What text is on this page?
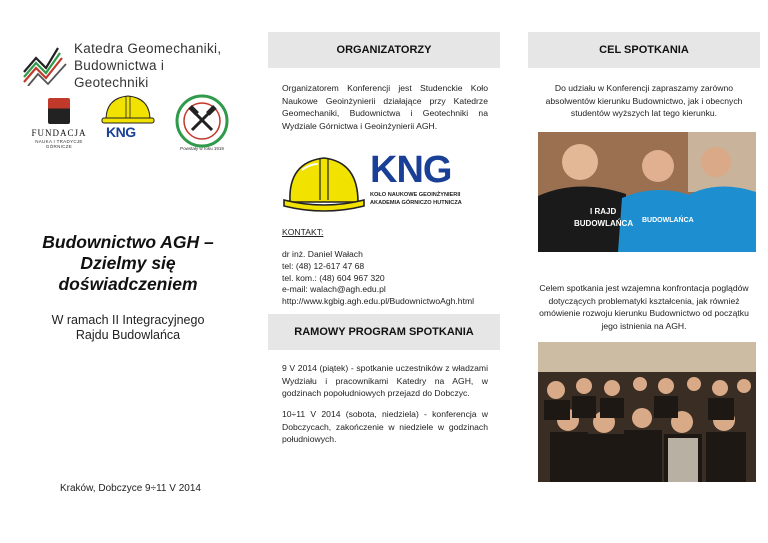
Katedra Geomechaniki,
Budownictwa i Geotechniki
FUNDACJA
NAUKA I TRADYCJE GÓRNICZE
KNG
Powstały w roku 1919
Budownictwo AGH –
Dzielmy się
doświadczeniem
W ramach II Integracyjnego
Rajdu Budowlańca
Kraków, Dobczyce 9÷11 V 2014
ORGANIZATORZY
Organizatorem Konferencji jest Studenckie Koło Naukowe Geoinżynierii działające przy Katedrze Geomechaniki, Budownictwa i Geotechniki na Wydziale Górnictwa i Geoinżynierii AGH.
KNG
KOŁO NAUKOWE GEOINŻYNIERII
AKADEMIA GÓRNICZO HUTNICZA
KONTAKT:
dr inż. Daniel Wałach
tel: (48) 12-617 47 68
tel. kom.: (48) 604 967 320
e-mail: walach@agh.edu.pl
http://www.kgbig.agh.edu.pl/BudownictwoAgh.html
RAMOWY PROGRAM SPOTKANIA
9 V 2014 (piątek) - spotkanie uczestników z władzami Wydziału i pracownikami Katedry na AGH, w godzinach popołudniowych przejazd do Dobczyc.
10÷11 V 2014 (sobota, niedziela) - konferencja w Dobczycach, zakończenie w niedziele w godzinach południowych.
CEL SPOTKANIA
Do udziału w Konferencji zapraszamy zarówno absolwentów kierunku Budownictwo, jak i obecnych studentów wyższych lat tego kierunku.
I RAJD
BUDOWLAŃCA BUDOWLAŃCA
Celem spotkania jest wzajemna konfrontacja poglądów dotyczących problematyki kształcenia, jak również omówienie rozwoju kierunku Budownictwo od początku jego istnienia na AGH.
